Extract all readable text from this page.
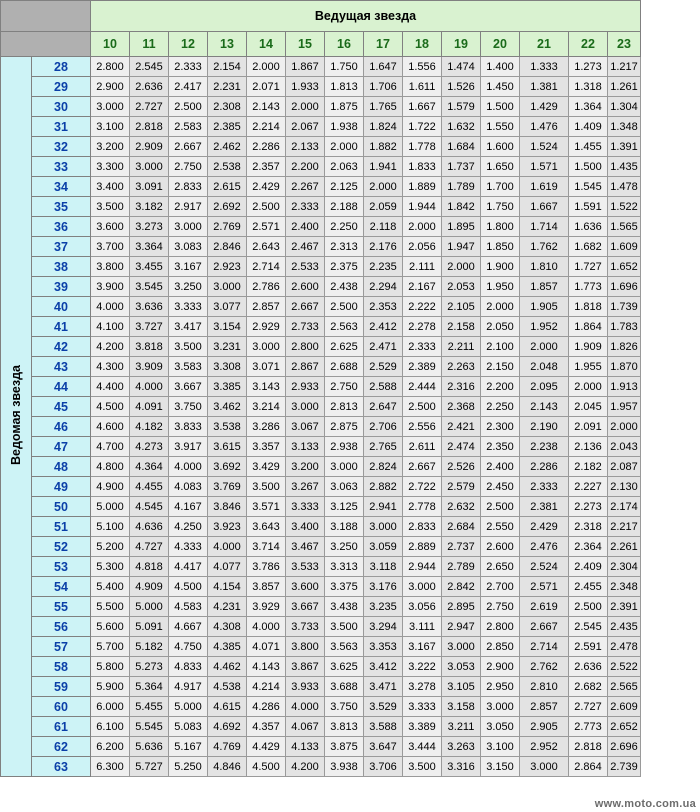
		Ведущая звезда													
		10	11	12	13	14	15	16	17	18	19	20	21	22	23
Ведомая звезда	28	2.800	2.545	2.333	2.154	2.000	1.867	1.750	1.647	1.556	1.474	1.400	1.333	1.273	1.217
	29	2.900	2.636	2.417	2.231	2.071	1.933	1.813	1.706	1.611	1.526	1.450	1.381	1.318	1.261
	30	3.000	2.727	2.500	2.308	2.143	2.000	1.875	1.765	1.667	1.579	1.500	1.429	1.364	1.304
	31	3.100	2.818	2.583	2.385	2.214	2.067	1.938	1.824	1.722	1.632	1.550	1.476	1.409	1.348
	32	3.200	2.909	2.667	2.462	2.286	2.133	2.000	1.882	1.778	1.684	1.600	1.524	1.455	1.391
	33	3.300	3.000	2.750	2.538	2.357	2.200	2.063	1.941	1.833	1.737	1.650	1.571	1.500	1.435
	34	3.400	3.091	2.833	2.615	2.429	2.267	2.125	2.000	1.889	1.789	1.700	1.619	1.545	1.478
	35	3.500	3.182	2.917	2.692	2.500	2.333	2.188	2.059	1.944	1.842	1.750	1.667	1.591	1.522
	36	3.600	3.273	3.000	2.769	2.571	2.400	2.250	2.118	2.000	1.895	1.800	1.714	1.636	1.565
	37	3.700	3.364	3.083	2.846	2.643	2.467	2.313	2.176	2.056	1.947	1.850	1.762	1.682	1.609
	38	3.800	3.455	3.167	2.923	2.714	2.533	2.375	2.235	2.111	2.000	1.900	1.810	1.727	1.652
	39	3.900	3.545	3.250	3.000	2.786	2.600	2.438	2.294	2.167	2.053	1.950	1.857	1.773	1.696
	40	4.000	3.636	3.333	3.077	2.857	2.667	2.500	2.353	2.222	2.105	2.000	1.905	1.818	1.739
	41	4.100	3.727	3.417	3.154	2.929	2.733	2.563	2.412	2.278	2.158	2.050	1.952	1.864	1.783
	42	4.200	3.818	3.500	3.231	3.000	2.800	2.625	2.471	2.333	2.211	2.100	2.000	1.909	1.826
	43	4.300	3.909	3.583	3.308	3.071	2.867	2.688	2.529	2.389	2.263	2.150	2.048	1.955	1.870
	44	4.400	4.000	3.667	3.385	3.143	2.933	2.750	2.588	2.444	2.316	2.200	2.095	2.000	1.913
	45	4.500	4.091	3.750	3.462	3.214	3.000	2.813	2.647	2.500	2.368	2.250	2.143	2.045	1.957
	46	4.600	4.182	3.833	3.538	3.286	3.067	2.875	2.706	2.556	2.421	2.300	2.190	2.091	2.000
	47	4.700	4.273	3.917	3.615	3.357	3.133	2.938	2.765	2.611	2.474	2.350	2.238	2.136	2.043
	48	4.800	4.364	4.000	3.692	3.429	3.200	3.000	2.824	2.667	2.526	2.400	2.286	2.182	2.087
	49	4.900	4.455	4.083	3.769	3.500	3.267	3.063	2.882	2.722	2.579	2.450	2.333	2.227	2.130
	50	5.000	4.545	4.167	3.846	3.571	3.333	3.125	2.941	2.778	2.632	2.500	2.381	2.273	2.174
	51	5.100	4.636	4.250	3.923	3.643	3.400	3.188	3.000	2.833	2.684	2.550	2.429	2.318	2.217
	52	5.200	4.727	4.333	4.000	3.714	3.467	3.250	3.059	2.889	2.737	2.600	2.476	2.364	2.261
	53	5.300	4.818	4.417	4.077	3.786	3.533	3.313	3.118	2.944	2.789	2.650	2.524	2.409	2.304
	54	5.400	4.909	4.500	4.154	3.857	3.600	3.375	3.176	3.000	2.842	2.700	2.571	2.455	2.348
	55	5.500	5.000	4.583	4.231	3.929	3.667	3.438	3.235	3.056	2.895	2.750	2.619	2.500	2.391
	56	5.600	5.091	4.667	4.308	4.000	3.733	3.500	3.294	3.111	2.947	2.800	2.667	2.545	2.435
	57	5.700	5.182	4.750	4.385	4.071	3.800	3.563	3.353	3.167	3.000	2.850	2.714	2.591	2.478
	58	5.800	5.273	4.833	4.462	4.143	3.867	3.625	3.412	3.222	3.053	2.900	2.762	2.636	2.522
	59	5.900	5.364	4.917	4.538	4.214	3.933	3.688	3.471	3.278	3.105	2.950	2.810	2.682	2.565
	60	6.000	5.455	5.000	4.615	4.286	4.000	3.750	3.529	3.333	3.158	3.000	2.857	2.727	2.609
	61	6.100	5.545	5.083	4.692	4.357	4.067	3.813	3.588	3.389	3.211	3.050	2.905	2.773	2.652
	62	6.200	5.636	5.167	4.769	4.429	4.133	3.875	3.647	3.444	3.263	3.100	2.952	2.818	2.696
	63	6.300	5.727	5.250	4.846	4.500	4.200	3.938	3.706	3.500	3.316	3.150	3.000	2.864	2.739
www.moto.com.ua
